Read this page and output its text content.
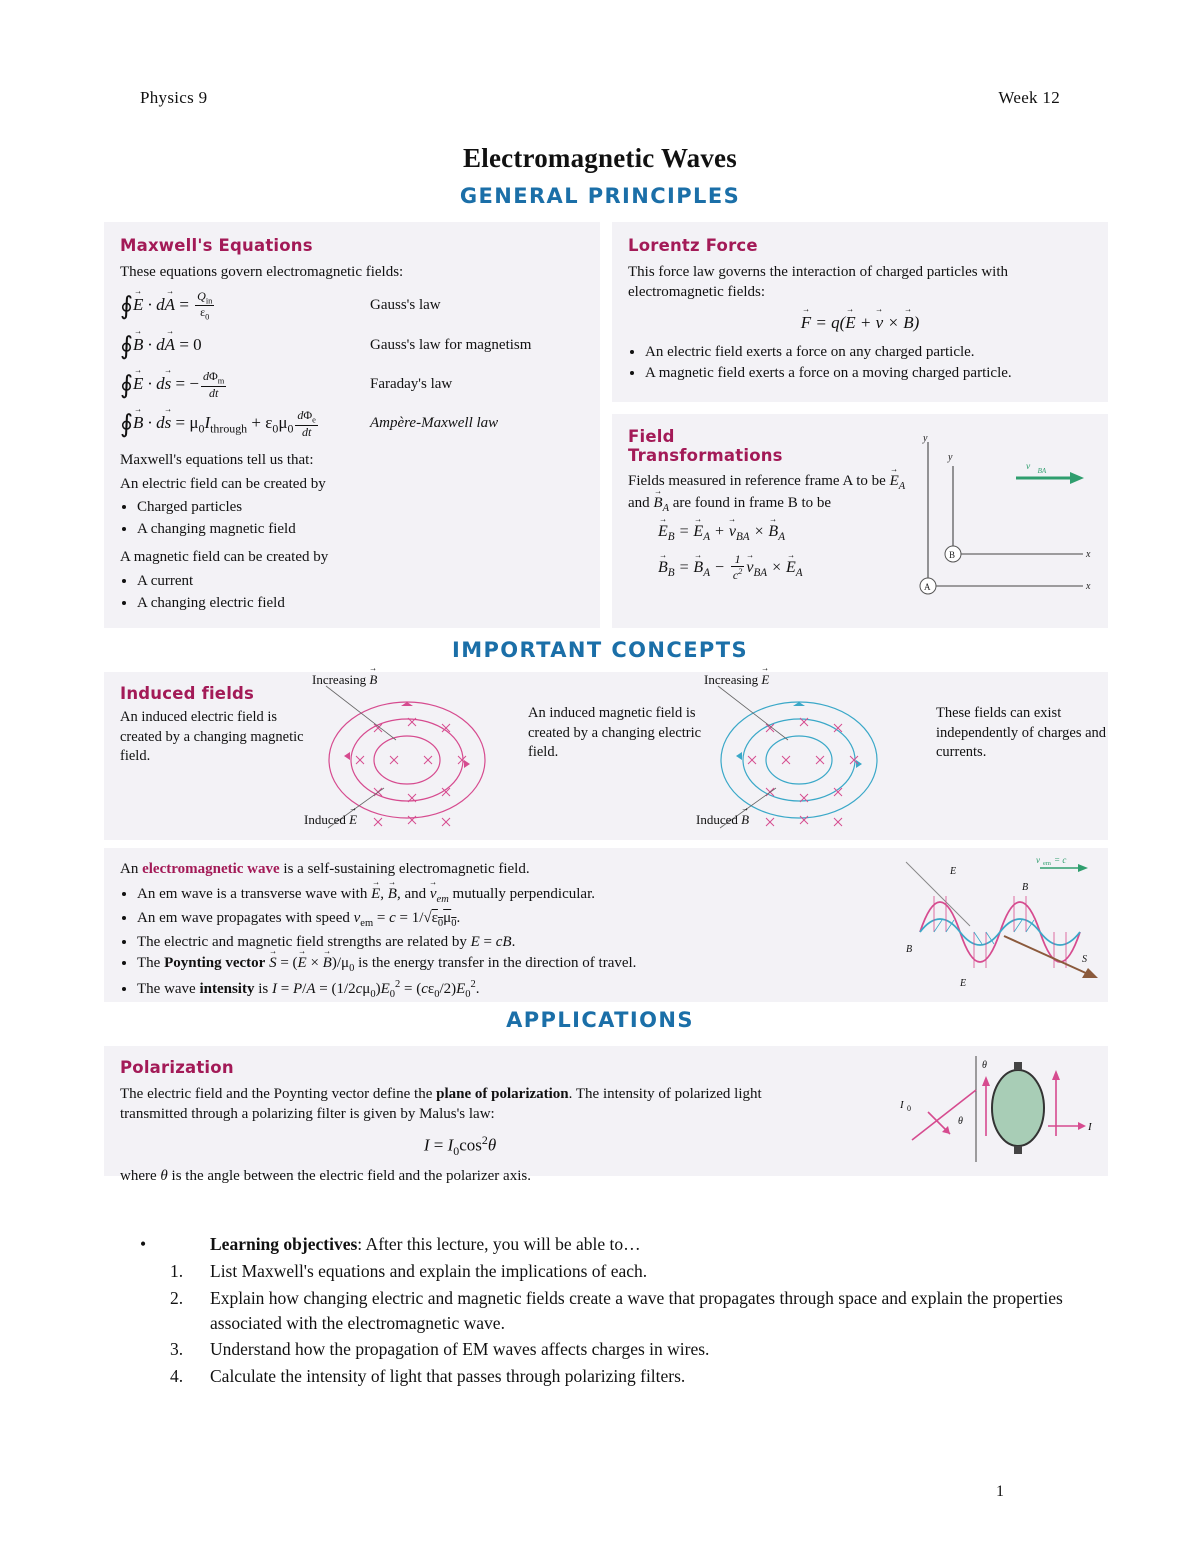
Physics 9	Week 12
Electromagnetic Waves
GENERAL PRINCIPLES
Maxwell's Equations
These equations govern electromagnetic fields:
∮E → · dA → = $\frac{Q_{in}}{\varepsilon_0}$	Gauss's law
∮B → · dA → = 0	Gauss's law for magnetism
∮E → · ds → = − $\frac{d\Phi_m}{dt}$	Faraday's law
∮B → · ds → = $\mu_0I_{through} + \varepsilon_0\mu_0 \frac{d\Phi_e}{dt}$	Ampère-Maxwell law
Maxwell's equations tell us that:
An electric field can be created by
• Charged particles
• A changing magnetic field
A magnetic field can be created by
• A current
• A changing electric field
Lorentz Force
This force law governs the interaction of charged particles with electromagnetic fields:
F → = q(E → + v → × B →)
• An electric field exerts a force on any charged particle.
• A magnetic field exerts a force on a moving charged particle.
Field
Transformations
Fields measured in reference frame A to be $E \to_A$ and $B \to_A$ are found in frame B to be
$E \to_B = E \to_A + v \to_{BA} \times B \to_A$
$B \to_B = B \to_A - \frac{1}{c^2}$ $v \to_{BA} \times E \to_A$
y
x
y
x
B
A
$v⃗_{BA}$
IMPORTANT CONCEPTS
Induced fields
An induced electric field is created by a changing magnetic field.
An induced magnetic field is created by a changing electric field.
These fields can exist independently of charges and currents.
Increasing B →
Induced E →
Increasing E →
Induced B →
An electromagnetic wave is a self-sustaining electromagnetic field.
• An em wave is a transverse wave with E →, B →, and $v \to_{em}$ mutually perpendicular.
• An em wave propagates with speed $v_{em} = c = 1/√\varepsilon_0\mu_0$.
• The electric and magnetic field strengths are related by E = cB.
• The Poynting vector S → = (E → × $B \to)/\mu_0$ is the energy transfer in the direction of travel.
• The wave intensity is $I = P/A = (1/2c\mu_0)E_0^2 = (c\varepsilon_0/2)E_0^2$.
v em = c
E⃗
B⃗
B⃗
E⃗
S⃗
APPLICATIONS
Polarization
The electric field and the Poynting vector define the plane of polarization. The intensity of polarized light transmitted through a polarizing filter is given by Malus's law:
$I = I_0\cos^2\theta$
where θ is the angle between the electric field and the polarizer axis.
I 0
θ
θ	I
•	Learning objectives: After this lecture, you will be able to…
1.	List Maxwell's equations and explain the implications of each.
2.	Explain how changing electric and magnetic fields create a wave that propagates through space and explain the properties associated with the electromagnetic wave.
3.	Understand how the propagation of EM waves affects charges in wires.
4.	Calculate the intensity of light that passes through polarizing filters.
1
